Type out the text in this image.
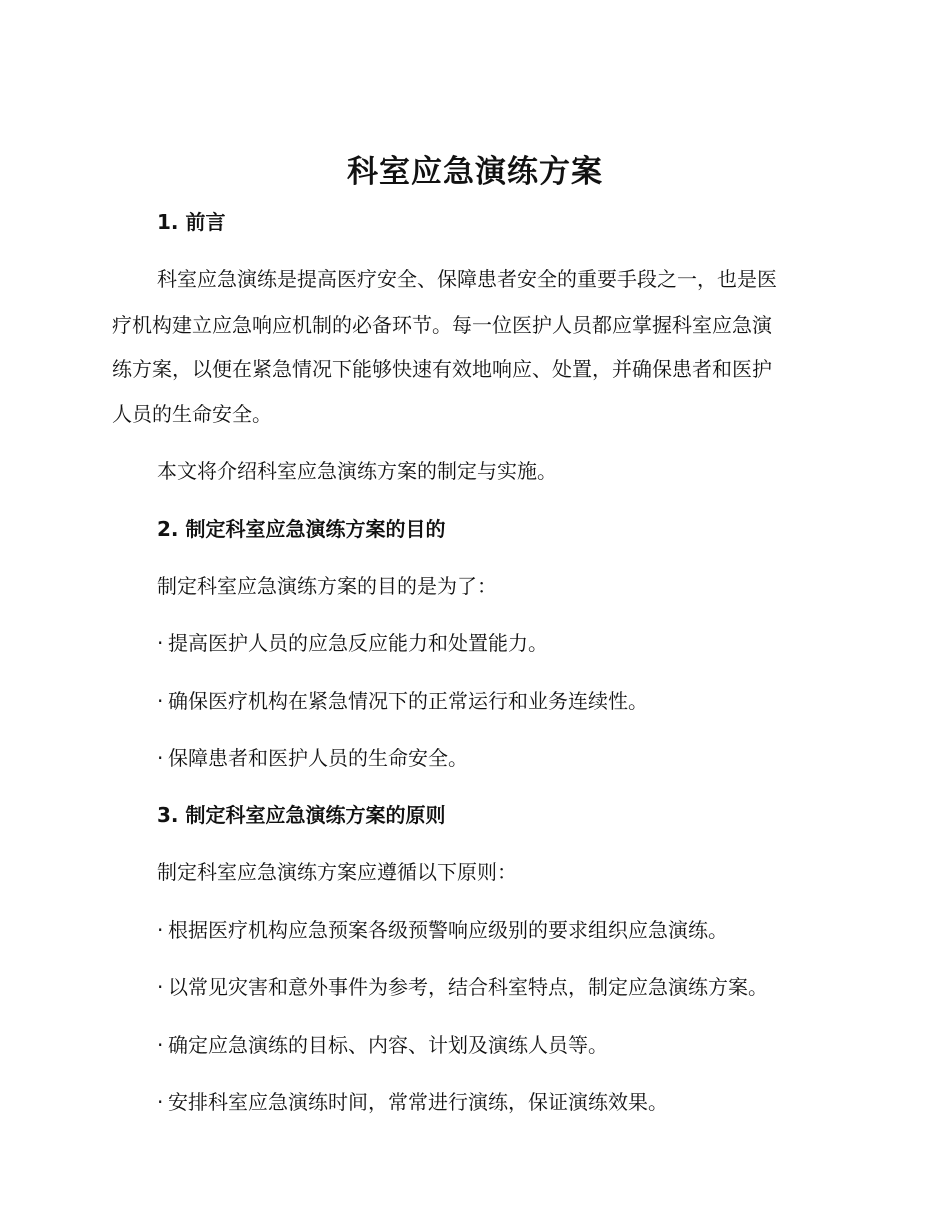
科室应急演练方案
1. 前言
科室应急演练是提高医疗安全、保障患者安全的重要手段之一，也是医
疗机构建立应急响应机制的必备环节。每一位医护人员都应掌握科室应急演
练方案，以便在紧急情况下能够快速有效地响应、处置，并确保患者和医护
人员的生命安全。
本文将介绍科室应急演练方案的制定与实施。
2. 制定科室应急演练方案的目的
制定科室应急演练方案的目的是为了：
· 提高医护人员的应急反应能力和处置能力。
· 确保医疗机构在紧急情况下的正常运行和业务连续性。
· 保障患者和医护人员的生命安全。
3. 制定科室应急演练方案的原则
制定科室应急演练方案应遵循以下原则：
· 根据医疗机构应急预案各级预警响应级别的要求组织应急演练。
· 以常见灾害和意外事件为参考，结合科室特点，制定应急演练方案。
· 确定应急演练的目标、内容、计划及演练人员等。
· 安排科室应急演练时间，常常进行演练，保证演练效果。
